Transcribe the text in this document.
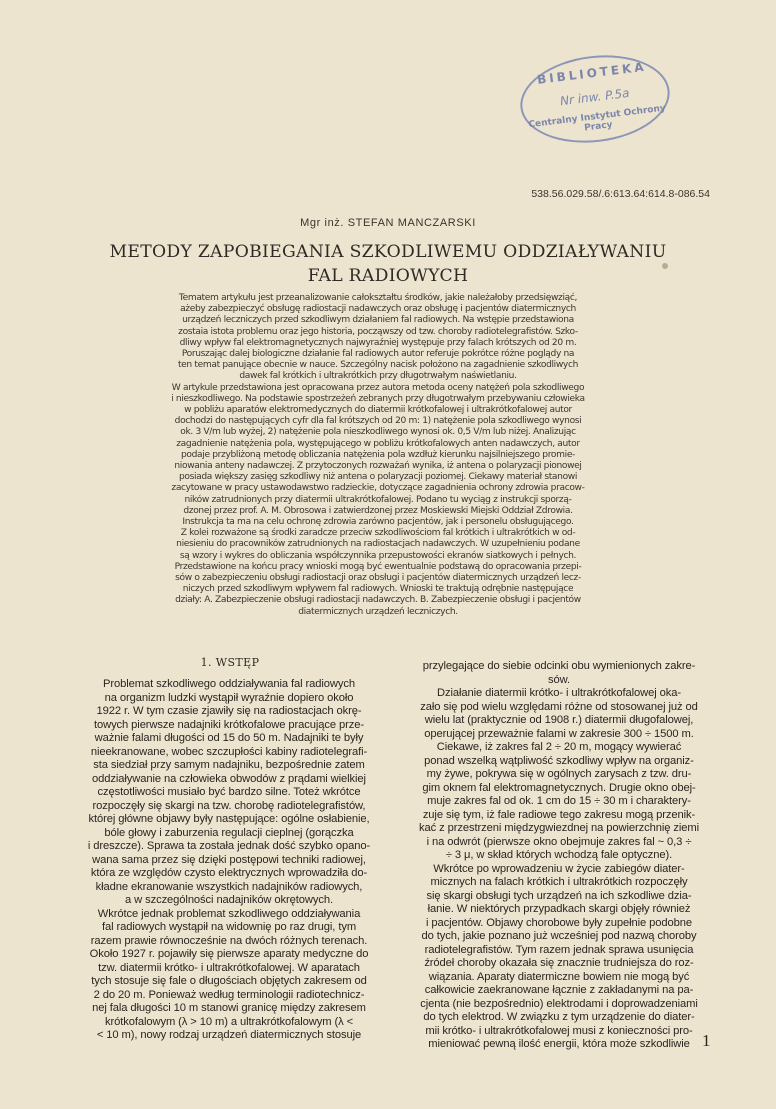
BIBLIOTEKA
Nr inw. P.5a
Centralny Instytut Ochrony Pracy
538.56.029.58/.6:613.64:614.8-086.54
Mgr inż. STEFAN MANCZARSKI
METODY ZAPOBIEGANIA SZKODLIWEMU ODDZIAŁYWANIU
FAL RADIOWYCH
Tematem artykułu jest przeanalizowanie całokształtu środków, jakie należałoby przedsięwziąć,
ażeby zabezpieczyć obsługę radiostacji nadawczych oraz obsługę i pacjentów diatermicznych
urządzeń leczniczych przed szkodliwym działaniem fal radiowych. Na wstępie przedstawiona
zostaia istota problemu oraz jego historia, począwszy od tzw. choroby radiotelegrafistów. Szko-
dliwy wpływ fal elektromagnetycznych najwyraźniej występuje przy falach krótszych od 20 m.
Poruszając dalej biologiczne działanie fal radiowych autor referuje pokrótce różne poglądy na
ten temat panujące obecnie w nauce. Szczególny nacisk położono na zagadnienie szkodliwych
dawek fal krótkich i ultrakrótkich przy długotrwałym naświetlaniu.
W artykule przedstawiona jest opracowana przez autora metoda oceny natężeń pola szkodliwego
i nieszkodliwego. Na podstawie spostrzeżeń zebranych przy długotrwałym przebywaniu człowieka
w pobliżu aparatów elektromedycznych do diatermii krótkofalowej i ultrakrótkofalowej autor
dochodzi do następujących cyfr dla fal krótszych od 20 m: 1) natężenie pola szkodliwego wynosi
ok. 3 V/m lub wyżej, 2) natężenie pola nieszkodliwego wynosi ok. 0,5 V/m lub niżej. Analizując
zagadnienie natężenia pola, występującego w pobliżu krótkofalowych anten nadawczych, autor
podaje przybliżoną metodę obliczania natężenia pola wzdłuż kierunku najsilniejszego promie-
niowania anteny nadawczej. Z przytoczonych rozważań wynika, iż antena o polaryzacji pionowej
posiada większy zasięg szkodliwy niż antena o polaryzacji poziomej. Ciekawy materiał stanowi
zacytowane w pracy ustawodawstwo radzieckie, dotyczące zagadnienia ochrony zdrowia pracow-
ników zatrudnionych przy diatermii ultrakrótkofalowej. Podano tu wyciąg z instrukcji sporzą-
dzonej przez prof. A. M. Obrosowa i zatwierdzonej przez Moskiewski Miejski Oddział Zdrowia.
Instrukcja ta ma na celu ochronę zdrowia zarówno pacjentów, jak i personelu obsługującego.
Z kolei rozważone są środki zaradcze przeciw szkodliwościom fal krótkich i ultrakrótkich w od-
niesieniu do pracowników zatrudnionych na radiostacjach nadawczych. W uzupełnieniu podane
są wzory i wykres do obliczania współczynnika przepustowości ekranów siatkowych i pełnych.
Przedstawione na końcu pracy wnioski mogą być ewentualnie podstawą do opracowania przepi-
sów o zabezpieczeniu obsługi radiostacji oraz obsługi i pacjentów diatermicznych urządzeń lecz-
niczych przed szkodliwym wpływem fal radiowych. Wnioski te traktują odrębnie następujące
działy: A. Zabezpieczenie obsługi radiostacji nadawczych. B. Zabezpieczenie obsługi i pacjentów
diatermicznych urządzeń leczniczych.
1. WSTĘP
Problemat szkodliwego oddziaływania fal radiowych
na organizm ludzki wystąpił wyraźnie dopiero około
1922 r. W tym czasie zjawiły się na radiostacjach okrę-
towych pierwsze nadajniki krótkofalowe pracujące prze-
ważnie falami długości od 15 do 50 m. Nadajniki te były
nieekranowane, wobec szczupłości kabiny radiotelegrafi-
sta siedział przy samym nadajniku, bezpośrednie zatem
oddziaływanie na człowieka obwodów z prądami wielkiej
częstotliwości musiało być bardzo silne. Toteż wkrótce
rozpoczęły się skargi na tzw. chorobę radiotelegrafistów,
której główne objawy były następujące: ogólne osłabienie,
bóle głowy i zaburzenia regulacji cieplnej (gorączka
i dreszcze). Sprawa ta została jednak dość szybko opano-
wana sama przez się dzięki postępowi techniki radiowej,
która ze względów czysto elektrycznych wprowadziła do-
kładne ekranowanie wszystkich nadajników radiowych,
a w szczególności nadajników okrętowych.
Wkrótce jednak problemat szkodliwego oddziaływania
fal radiowych wystąpił na widownię po raz drugi, tym
razem prawie równocześnie na dwóch różnych terenach.
Około 1927 r. pojawiły się pierwsze aparaty medyczne do
tzw. diatermii krótko- i ultrakrótkofalowej. W aparatach
tych stosuje się fale o długościach objętych zakresem od
2 do 20 m. Ponieważ według terminologii radiotechnicz-
nej fala długości 10 m stanowi granicę między zakresem
krótkofalowym (λ > 10 m) a ultrakrótkofalowym (λ <
< 10 m), nowy rodzaj urządzeń diatermicznych stosuje
przylegające do siebie odcinki obu wymienionych zakre-
sów.
Działanie diatermii krótko- i ultrakrótkofalowej oka-
zało się pod wielu względami różne od stosowanej już od
wielu lat (praktycznie od 1908 r.) diatermii długofalowej,
operującej przeważnie falami w zakresie 300 ÷ 1500 m.
Ciekawe, iż zakres fal 2 ÷ 20 m, mogący wywierać
ponad wszelką wątpliwość szkodliwy wpływ na organiz-
my żywe, pokrywa się w ogólnych zarysach z tzw. dru-
gim oknem fal elektromagnetycznych. Drugie okno obej-
muje zakres fal od ok. 1 cm do 15 ÷ 30 m i charaktery-
zuje się tym, iż fale radiowe tego zakresu mogą przenik-
kać z przestrzeni międzygwiezdnej na powierzchnię ziemi
i na odwrót (pierwsze okno obejmuje zakres fal ~ 0,3 ÷
÷ 3 μ, w skład których wchodzą fale optyczne).
Wkrótce po wprowadzeniu w życie zabiegów diater-
micznych na falach krótkich i ultrakrótkich rozpoczęły
się skargi obsługi tych urządzeń na ich szkodliwe dzia-
łanie. W niektórych przypadkach skargi objęły również
i pacjentów. Objawy chorobowe były zupełnie podobne
do tych, jakie poznano już wcześniej pod nazwą choroby
radiotelegrafistów. Tym razem jednak sprawa usunięcia
źródeł choroby okazała się znacznie trudniejsza do roz-
wiązania. Aparaty diatermiczne bowiem nie mogą być
całkowicie zaekranowane łącznie z zakładanymi na pa-
cjenta (nie bezpośrednio) elektrodami i doprowadzeniami
do tych elektrod. W związku z tym urządzenie do diater-
mii krótko- i ultrakrótkofalowej musi z konieczności pro-
mieniować pewną ilość energii, która może szkodliwie 1
